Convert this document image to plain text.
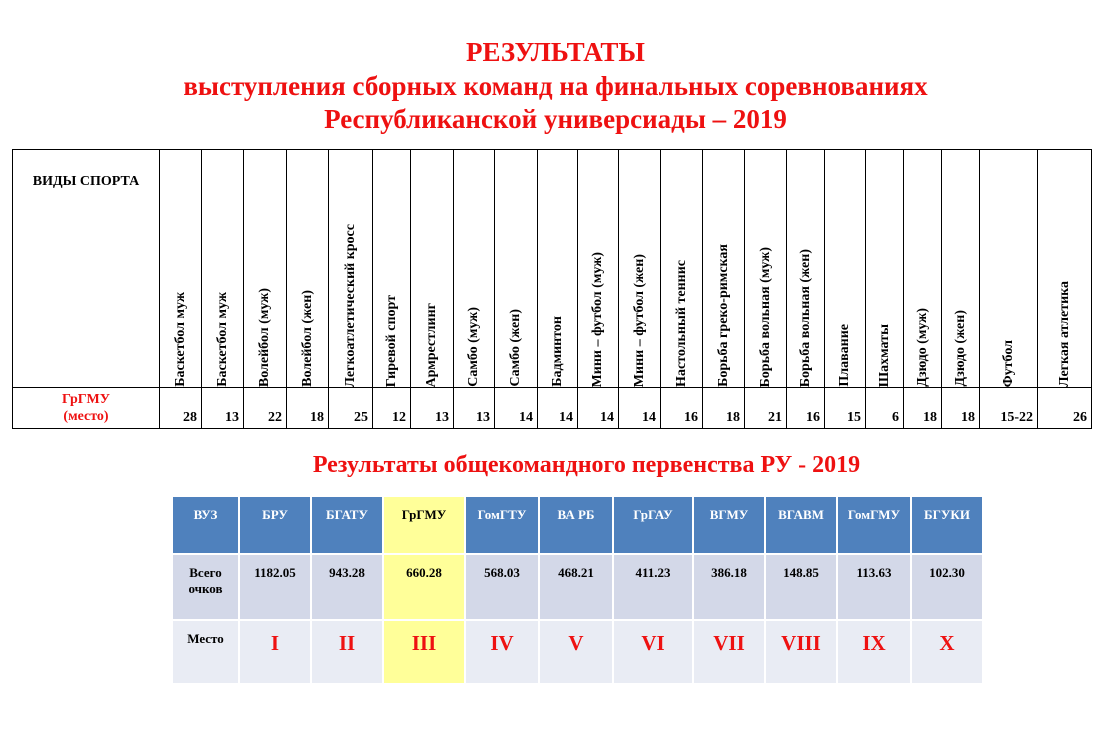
РЕЗУЛЬТАТЫ
выступления сборных команд на финальных соревнованиях
Республиканской универсиады – 2019
ВИДЫ СПОРТА	Баскетбол муж	Баскетбол муж	Волейбол (муж)	Волейбол (жен)	Легкоатлетический кросс	Гиревой спорт	Армрестлинг	Самбо (муж)	Самбо (жен)	Бадминтон	Мини – футбол (муж)	Мини – футбол (жен)	Настольный теннис	Борьба греко-римская	Борьба вольная (муж)	Борьба вольная (жен)	Плавание	Шахматы	Дзюдо (муж)	Дзюдо (жен)	Футбол	Легкая атлетика

ГрГМУ
(место)	28	13	22	18	25	12	13	13	14	14	14	14	16	18	21	16	15	6	18	18	15-22	26
Результаты общекомандного первенства РУ - 2019
ВУЗ	БРУ	БГАТУ	ГрГМУ	ГомГТУ	ВА РБ	ГрГАУ	ВГМУ	ВГАВМ	ГомГМУ	БГУКИ

Всего
очков	1182.05	943.28	660.28	568.03	468.21	411.23	386.18	148.85	113.63	102.30
Место	I	II	III	IV	V	VI	VII	VIII	IX	X
